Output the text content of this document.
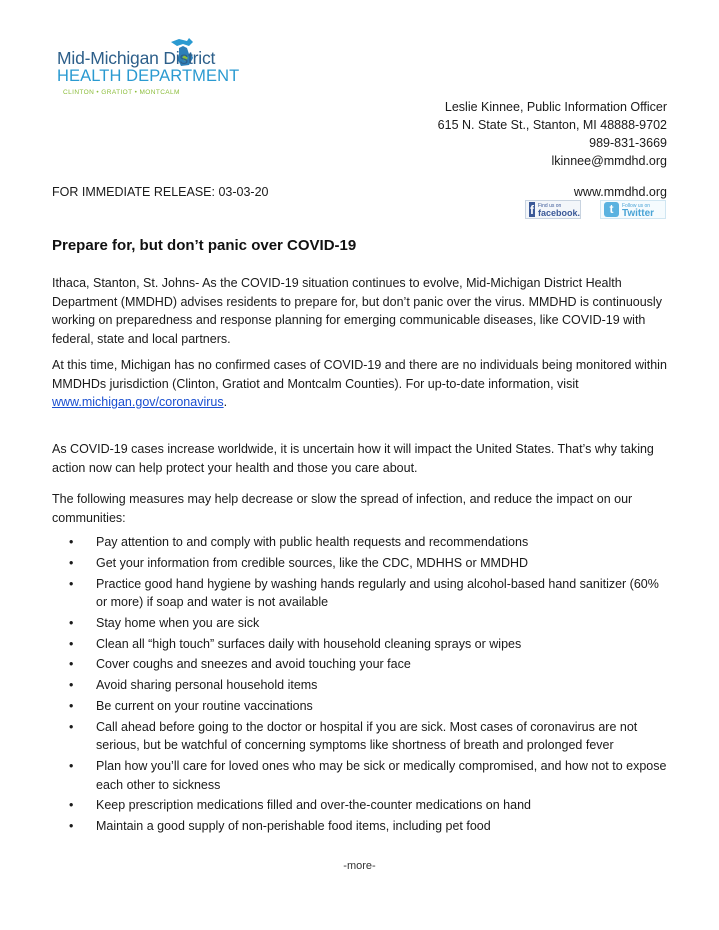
Mid-Michigan District
HEALTH DEPARTMENT
CLINTON • GRATIOT • MONTCALM
Leslie Kinnee, Public Information Officer
615 N. State St., Stanton, MI 48888-9702
989-831-3669
lkinnee@mmdhd.org
FOR IMMEDIATE RELEASE: 03-03-20	www.mmdhd.org
f Find us on
facebook.	t	Follow us on
Twitter
Prepare for, but don’t panic over COVID-19
Ithaca, Stanton, St. Johns- As the COVID-19 situation continues to evolve, Mid-Michigan District Health Department (MMDHD) advises residents to prepare for, but don’t panic over the virus. MMDHD is continuously working on preparedness and response planning for emerging communicable diseases, like COVID-19 with federal, state and local partners.
At this time, Michigan has no confirmed cases of COVID-19 and there are no individuals being monitored within MMDHDs jurisdiction (Clinton, Gratiot and Montcalm Counties). For up-to-date information, visit www.michigan.gov/coronavirus.
As COVID-19 cases increase worldwide, it is uncertain how it will impact the United States. That’s why taking action now can help protect your health and those you care about.
The following measures may help decrease or slow the spread of infection, and reduce the impact on our communities:
• Pay attention to and comply with public health requests and recommendations
• Get your information from credible sources, like the CDC, MDHHS or MMDHD
• Practice good hand hygiene by washing hands regularly and using alcohol-based hand sanitizer (60% or more) if soap and water is not available
• Stay home when you are sick
• Clean all “high touch” surfaces daily with household cleaning sprays or wipes
• Cover coughs and sneezes and avoid touching your face
• Avoid sharing personal household items
• Be current on your routine vaccinations
• Call ahead before going to the doctor or hospital if you are sick. Most cases of coronavirus are not serious, but be watchful of concerning symptoms like shortness of breath and prolonged fever
• Plan how you’ll care for loved ones who may be sick or medically compromised, and how not to expose each other to sickness
• Keep prescription medications filled and over-the-counter medications on hand
• Maintain a good supply of non-perishable food items, including pet food
-more-
